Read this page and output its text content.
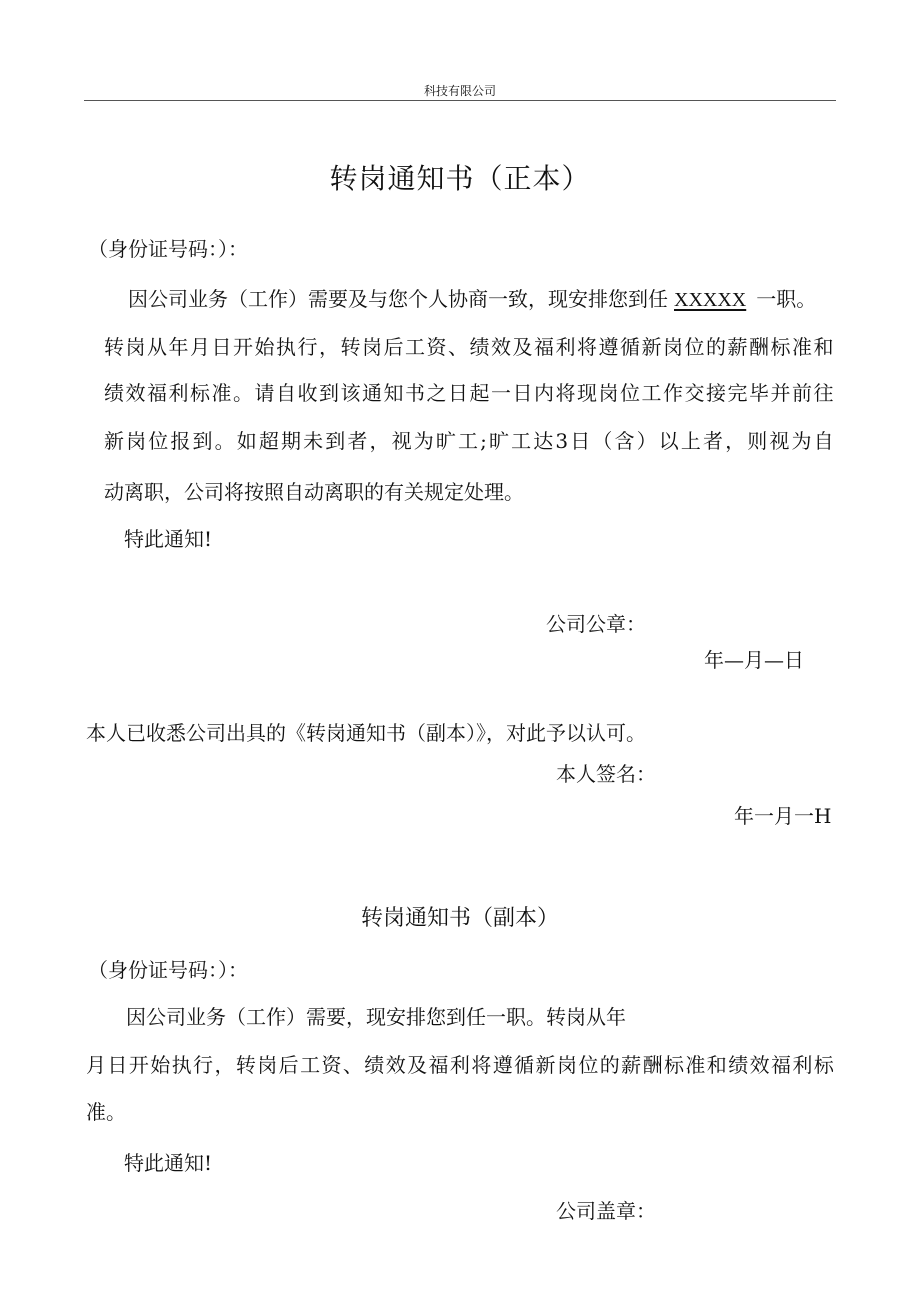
科技有限公司
转岗通知书（正本）
（身份证号码：）：
因公司业务（工作）需要及与您个人协商一致，现安排您到任 XXXXX 一职。
转 岗 从 年 月 日 开 始 执 行 ， 转 岗 后 工 资 、 绩 效 及 福 利 将 遵 循 新 岗 位 的 薪 酬 标 准 和
绩 效 福 利 标 准 。 请 自 收 到 该 通 知 书 之 日 起 一 日 内 将 现 岗 位 工 作 交 接 完 毕 并 前 往
新 岗 位 报 到 。 如 超 期 未 到 者 ， 视 为 旷 工 ; 旷 工 达 3 日 （ 含 ） 以 上 者 ， 则 视 为 自
动离职，公司将按照自动离职的有关规定处理。
特此通知!
公司公章：
年—月—日
本人已收悉公司出具的《转岗通知书（副本）》，对此予以认可。
本人签名：
年一月一H
转岗通知书（副本）
（身份证号码：）：
因公司业务（工作）需要，现安排您到任一职。转岗从年
月 日 开 始 执 行 ， 转 岗 后 工 资 、 绩 效 及 福 利 将 遵 循 新 岗 位 的 薪 酬 标 准 和 绩 效 福 利 标
准。
特此通知!
公司盖章：
